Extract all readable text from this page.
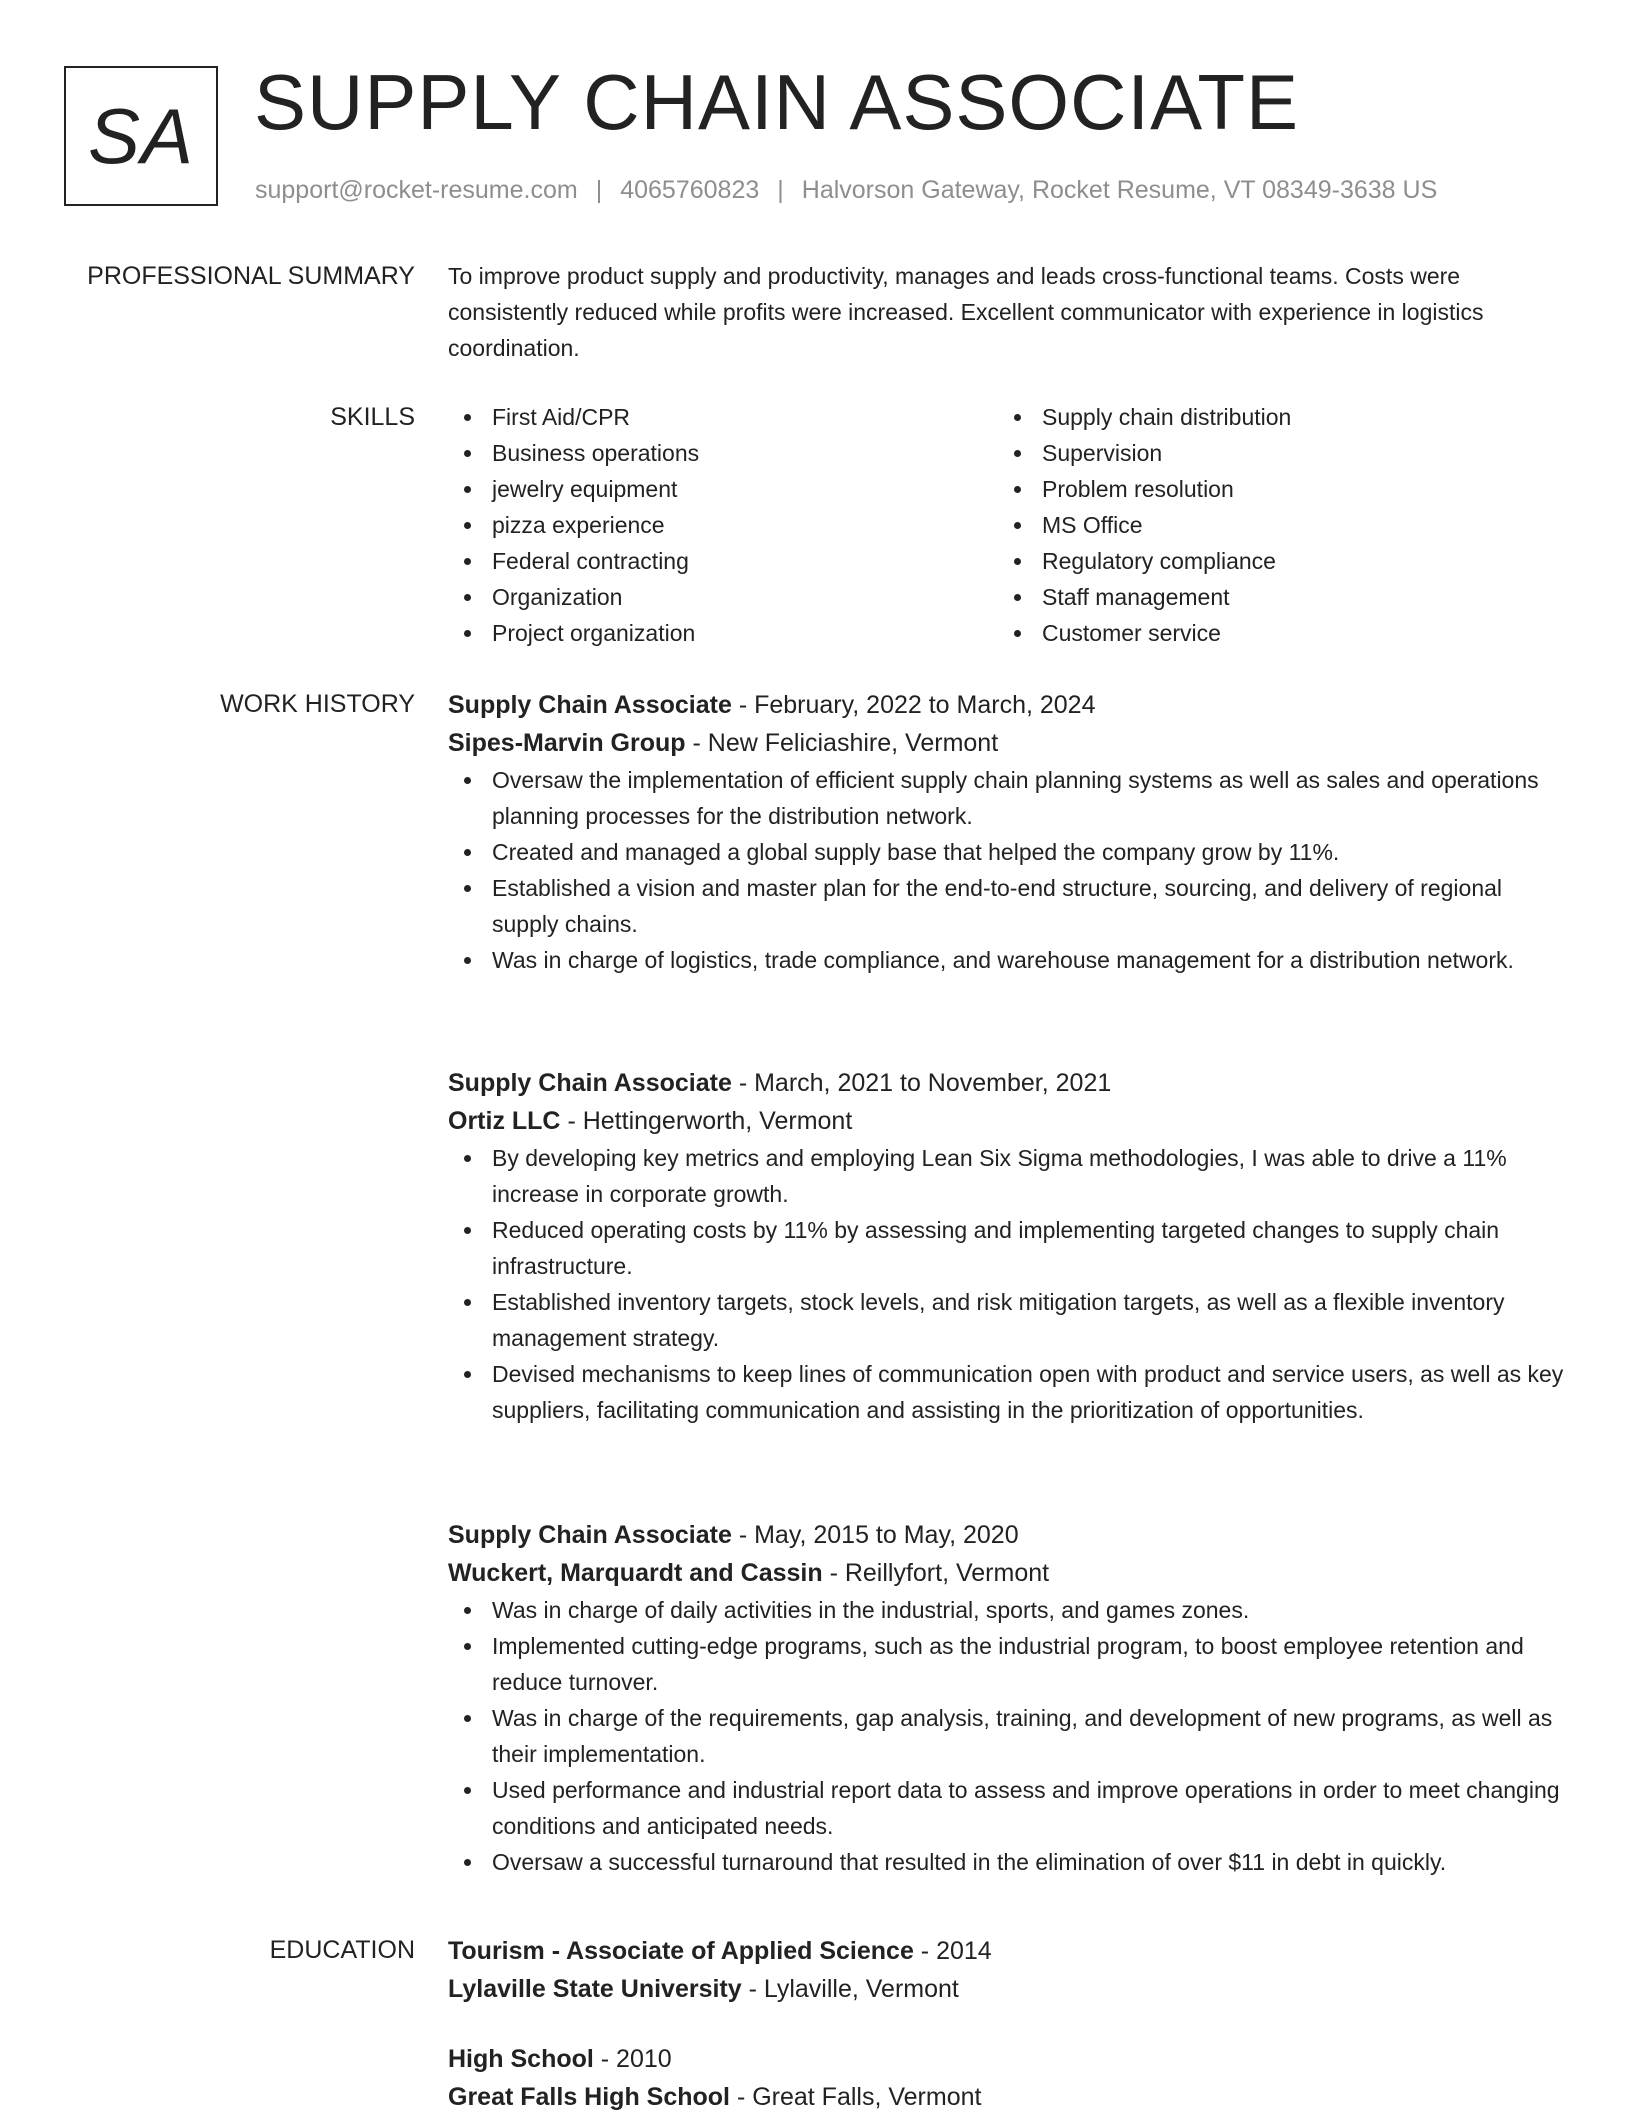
SA SUPPLY CHAIN ASSOCIATE
support@rocket-resume.com | 4065760823 | Halvorson Gateway, Rocket Resume, VT 08349-3638 US
PROFESSIONAL SUMMARY To improve product supply and productivity, manages and leads cross-functional teams. Costs were consistently reduced while profits were increased. Excellent communicator with experience in logistics coordination.

SKILLS	First Aid/CPR
Business operations
jewelry equipment
pizza experience
Federal contracting
Organization
Project organization
Supply chain distribution
Supervision
Problem resolution
MS Office
Regulatory compliance
Staff management
Customer service
WORK HISTORY Supply Chain Associate - February, 2022 to March, 2024
Sipes-Marvin Group - New Feliciashire, Vermont
Oversaw the implementation of efficient supply chain planning systems as well as sales and operations planning processes for the distribution network.
Created and managed a global supply base that helped the company grow by 11%.
Established a vision and master plan for the end-to-end structure, sourcing, and delivery of regional supply chains.
Was in charge of logistics, trade compliance, and warehouse management for a distribution network.
Supply Chain Associate - March, 2021 to November, 2021
Ortiz LLC - Hettingerworth, Vermont
By developing key metrics and employing Lean Six Sigma methodologies, I was able to drive a 11% increase in corporate growth.
Reduced operating costs by 11% by assessing and implementing targeted changes to supply chain infrastructure.
Established inventory targets, stock levels, and risk mitigation targets, as well as a flexible inventory management strategy.
Devised mechanisms to keep lines of communication open with product and service users, as well as key suppliers, facilitating communication and assisting in the prioritization of opportunities.
Supply Chain Associate - May, 2015 to May, 2020
Wuckert, Marquardt and Cassin - Reillyfort, Vermont
Was in charge of daily activities in the industrial, sports, and games zones.
Implemented cutting-edge programs, such as the industrial program, to boost employee retention and reduce turnover.
Was in charge of the requirements, gap analysis, training, and development of new programs, as well as their implementation.
Used performance and industrial report data to assess and improve operations in order to meet changing conditions and anticipated needs.
Oversaw a successful turnaround that resulted in the elimination of over $11 in debt in quickly.
EDUCATION Tourism - Associate of Applied Science - 2014
Lylaville State University - Lylaville, Vermont
High School - 2010
Great Falls High School - Great Falls, Vermont
